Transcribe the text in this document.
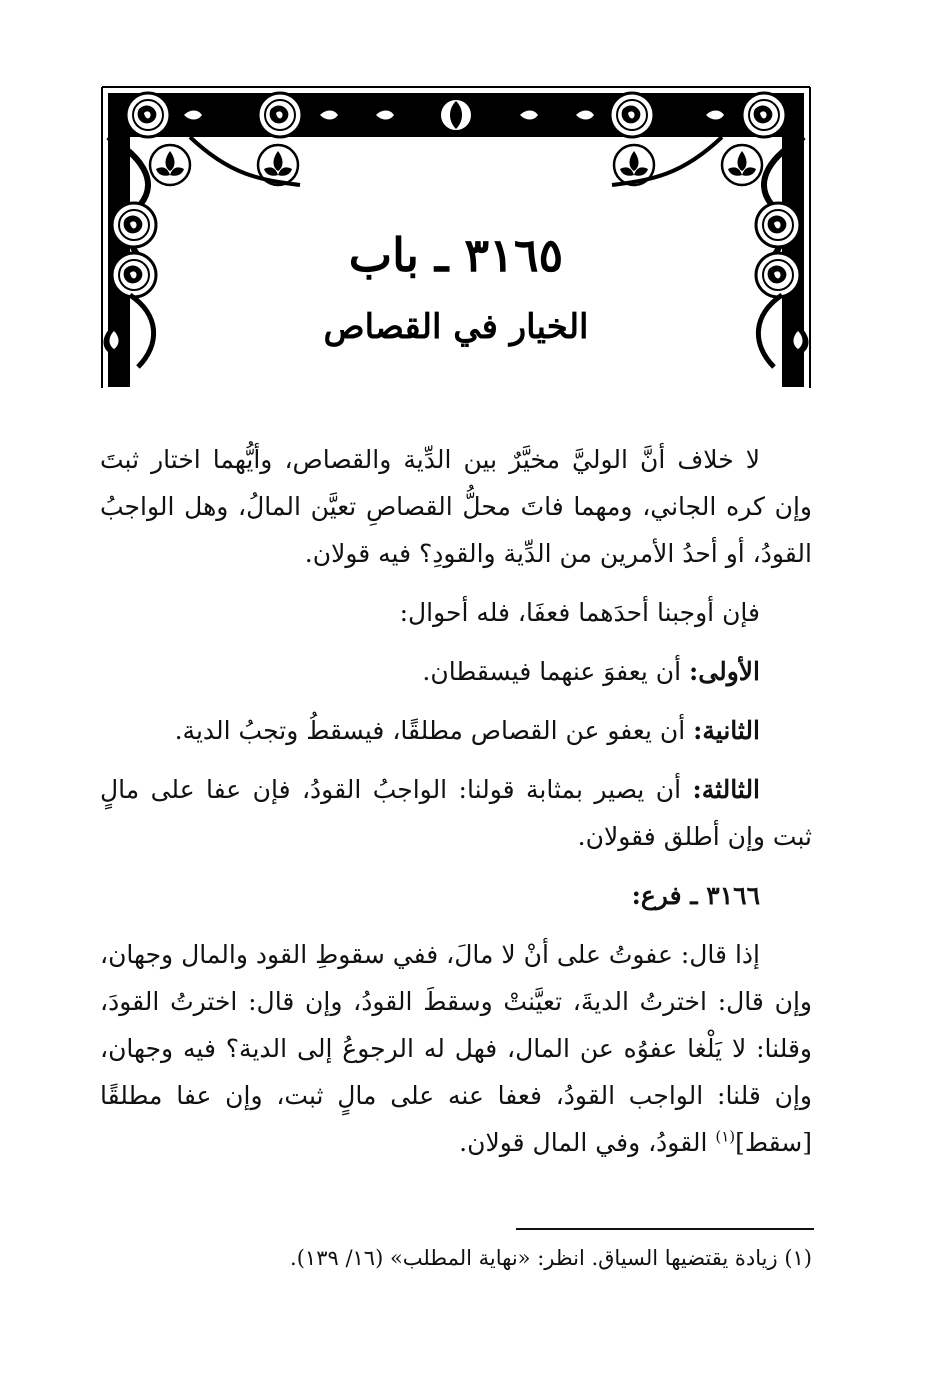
٣١٦٥ ـ باب
الخيار في القصاص

لا خلاف أنَّ الوليَّ مخيَّرٌ بين الدِّية والقصاص، وأيُّهما اختار ثبتَ وإن كره الجاني، ومهما فاتَ محلُّ القصاصِ تعيَّن المالُ، وهل الواجبُ القودُ، أو أحدُ الأمرين من الدِّية والقودِ؟ فيه قولان.

فإن أوجبنا أحدَهما فعفَا، فله أحوال:

الأولى: أن يعفوَ عنهما فيسقطان.

الثانية: أن يعفو عن القصاص مطلقًا، فيسقطُ وتجبُ الدية.

الثالثة: أن يصير بمثابة قولنا: الواجبُ القودُ، فإن عفا على مالٍ ثبت وإن أطلق فقولان.

٣١٦٦ ـ فرع:

إذا قال: عفوتُ على أنْ لا مالَ، ففي سقوطِ القود والمال وجهان، وإن قال: اخترتُ الديةَ، تعيَّنتْ وسقطَ القودُ، وإن قال: اخترتُ القودَ، وقلنا: لا يَلْغا عفوُه عن المال، فهل له الرجوعُ إلى الدية؟ فيه وجهان، وإن قلنا: الواجب القودُ، فعفا عنه على مالٍ ثبت، وإن عفا مطلقًا [سقط]$^{(١)}$ القودُ، وفي المال قولان.

(١) زيادة يقتضيها السياق. انظر: «نهاية المطلب» (١٦/ ١٣٩).
